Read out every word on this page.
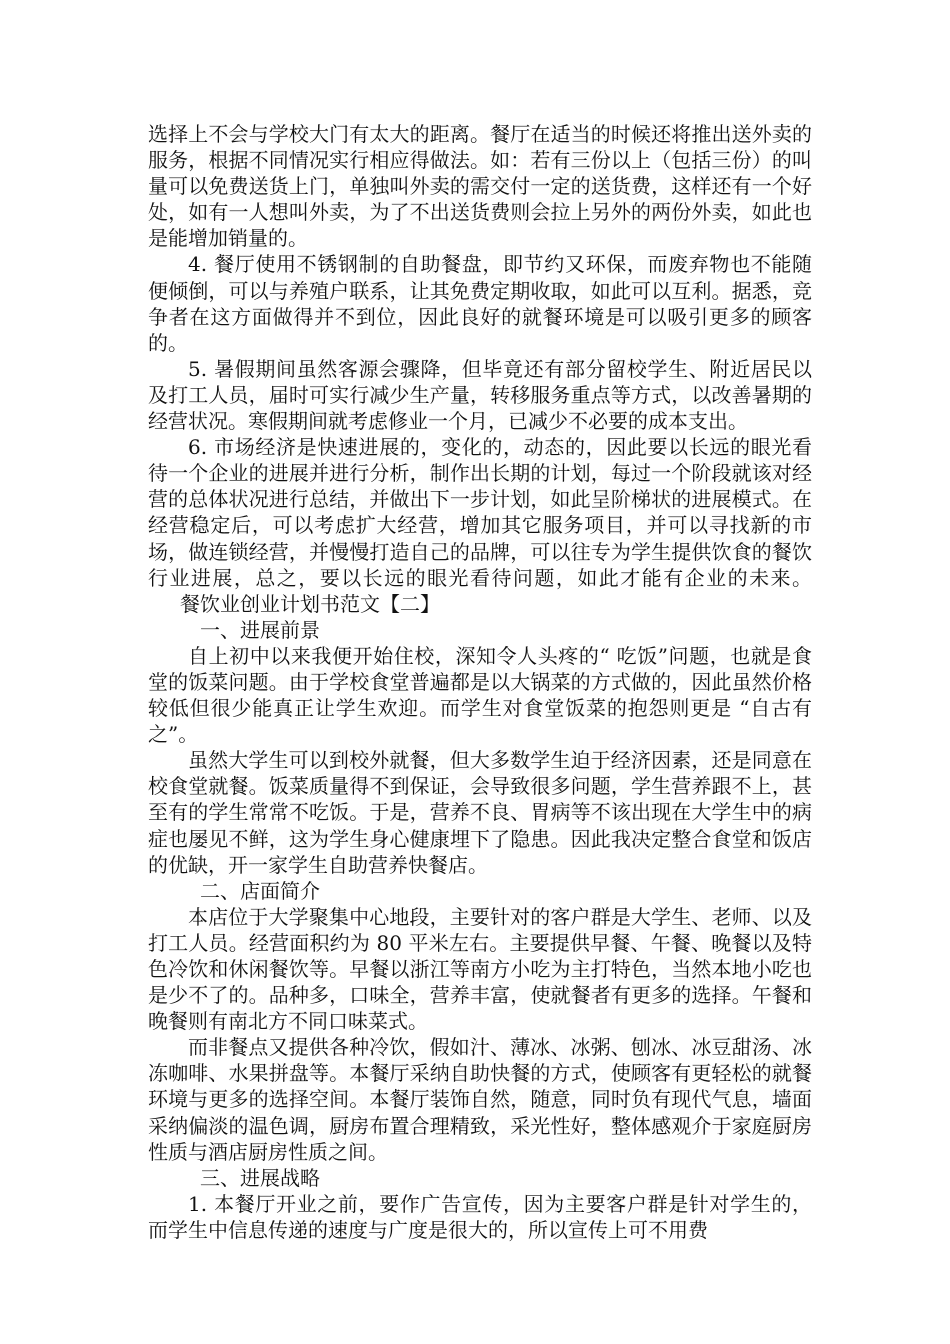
选择上不会与学校大门有太大的距离。餐厅在适当的时候还将推出送外卖的服务，根据不同情况实行相应得做法。如：若有三份以上（包括三份）的叫量可以免费送货上门，单独叫外卖的需交付一定的送货费，这样还有一个好处，如有一人想叫外卖，为了不出送货费则会拉上另外的两份外卖，如此也是能增加销量的。

4. 餐厅使用不锈钢制的自助餐盘，即节约又环保，而废弃物也不能随便倾倒，可以与养殖户联系，让其免费定期收取，如此可以互利。据悉，竞争者在这方面做得并不到位，因此良好的就餐环境是可以吸引更多的顾客的。

5. 暑假期间虽然客源会骤降，但毕竟还有部分留校学生、附近居民以及打工人员，届时可实行减少生产量，转移服务重点等方式，以改善暑期的经营状况。寒假期间就考虑修业一个月，已减少不必要的成本支出。

6. 市场经济是快速进展的，变化的，动态的，因此要以长远的眼光看待一个企业的进展并进行分析，制作出长期的计划，每过一个阶段就该对经营的总体状况进行总结，并做出下一步计划，如此呈阶梯状的进展模式。在经营稳定后，可以考虑扩大经营，增加其它服务项目，并可以寻找新的市场，做连锁经营，并慢慢打造自己的品牌，可以往专为学生提供饮食的餐饮行业进展，总之，要以长远的眼光看待问题，如此才能有企业的未来。餐饮业创业计划书范文【二】

一、进展前景

自上初中以来我便开始住校，深知令人头疼的“ 吃饭”问题，也就是食堂的饭菜问题。由于学校食堂普遍都是以大锅菜的方式做的，因此虽然价格较低但很少能真正让学生欢迎。而学生对食堂饭菜的抱怨则更是 “自古有之”。

虽然大学生可以到校外就餐，但大多数学生迫于经济因素，还是同意在校食堂就餐。饭菜质量得不到保证，会导致很多问题，学生营养跟不上，甚至有的学生常常不吃饭。于是，营养不良、胃病等不该出现在大学生中的病症也屡见不鲜，这为学生身心健康埋下了隐患。因此我决定整合食堂和饭店的优缺，开一家学生自助营养快餐店。

二、店面简介

本店位于大学聚集中心地段，主要针对的客户群是大学生、老师、以及打工人员。经营面积约为 80 平米左右。主要提供早餐、午餐、晚餐以及特色冷饮和休闲餐饮等。早餐以浙江等南方小吃为主打特色，当然本地小吃也是少不了的。品种多，口味全，营养丰富，使就餐者有更多的选择。午餐和晚餐则有南北方不同口味菜式。

而非餐点又提供各种冷饮，假如汁、薄冰、冰粥、刨冰、冰豆甜汤、冰冻咖啡、水果拼盘等。本餐厅采纳自助快餐的方式，使顾客有更轻松的就餐环境与更多的选择空间。本餐厅装饰自然，随意，同时负有现代气息，墙面采纳偏淡的温色调，厨房布置合理精致，采光性好，整体感观介于家庭厨房性质与酒店厨房性质之间。

三、进展战略

1. 本餐厅开业之前，要作广告宣传，因为主要客户群是针对学生的，而学生中信息传递的速度与广度是很大的，所以宣传上可不用费
